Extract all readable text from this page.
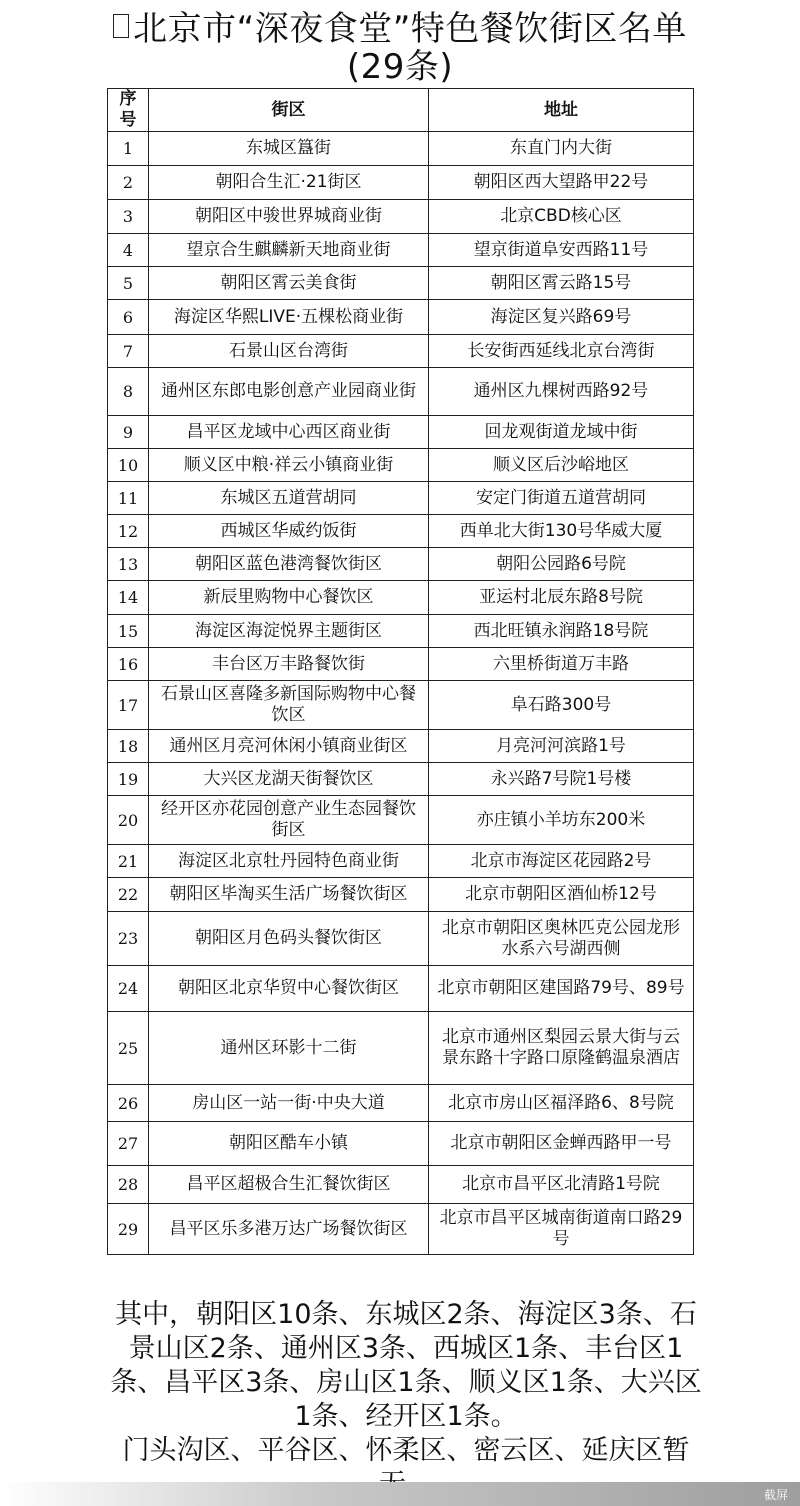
北京市“深夜食堂”特色餐饮街区名单
(29条)
序号	街区	地址
1	东城区簋街	东直门内大街
2	朝阳合生汇·21街区	朝阳区西大望路甲22号
3	朝阳区中骏世界城商业街	北京CBD核心区
4	望京合生麒麟新天地商业街	望京街道阜安西路11号
5	朝阳区霄云美食街	朝阳区霄云路15号
6	海淀区华熙LIVE·五棵松商业街	海淀区复兴路69号
7	石景山区台湾街	长安街西延线北京台湾街
8	通州区东郎电影创意产业园商业街	通州区九棵树西路92号
9	昌平区龙域中心西区商业街	回龙观街道龙域中街
10	顺义区中粮·祥云小镇商业街	顺义区后沙峪地区
11	东城区五道营胡同	安定门街道五道营胡同
12	西城区华威约饭街	西单北大街130号华威大厦
13	朝阳区蓝色港湾餐饮街区	朝阳公园路6号院
14	新辰里购物中心餐饮区	亚运村北辰东路8号院
15	海淀区海淀悦界主题街区	西北旺镇永润路18号院
16	丰台区万丰路餐饮街	六里桥街道万丰路
17	石景山区喜隆多新国际购物中心餐饮区	阜石路300号
18	通州区月亮河休闲小镇商业街区	月亮河河滨路1号
19	大兴区龙湖天街餐饮区	永兴路7号院1号楼
20	经开区亦花园创意产业生态园餐饮街区	亦庄镇小羊坊东200米
21	海淀区北京牡丹园特色商业街	北京市海淀区花园路2号
22	朝阳区毕淘买生活广场餐饮街区	北京市朝阳区酒仙桥12号
23	朝阳区月色码头餐饮街区	北京市朝阳区奥林匹克公园龙形水系六号湖西侧
24	朝阳区北京华贸中心餐饮街区	北京市朝阳区建国路79号、89号
25	通州区环影十二街	北京市通州区梨园云景大街与云景东路十字路口原隆鹤温泉酒店
26	房山区一站一街·中央大道	北京市房山区福泽路6、8号院
27	朝阳区酷车小镇	北京市朝阳区金蝉西路甲一号
28	昌平区超极合生汇餐饮街区	北京市昌平区北清路1号院
29	昌平区乐多港万达广场餐饮街区	北京市昌平区城南街道南口路29号

其中，朝阳区10条、东城区2条、海淀区3条、石景山区2条、通州区3条、西城区1条、丰台区1条、昌平区3条、房山区1条、顺义区1条、大兴区1条、经开区1条。

门头沟区、平谷区、怀柔区、密云区、延庆区暂

截屏
